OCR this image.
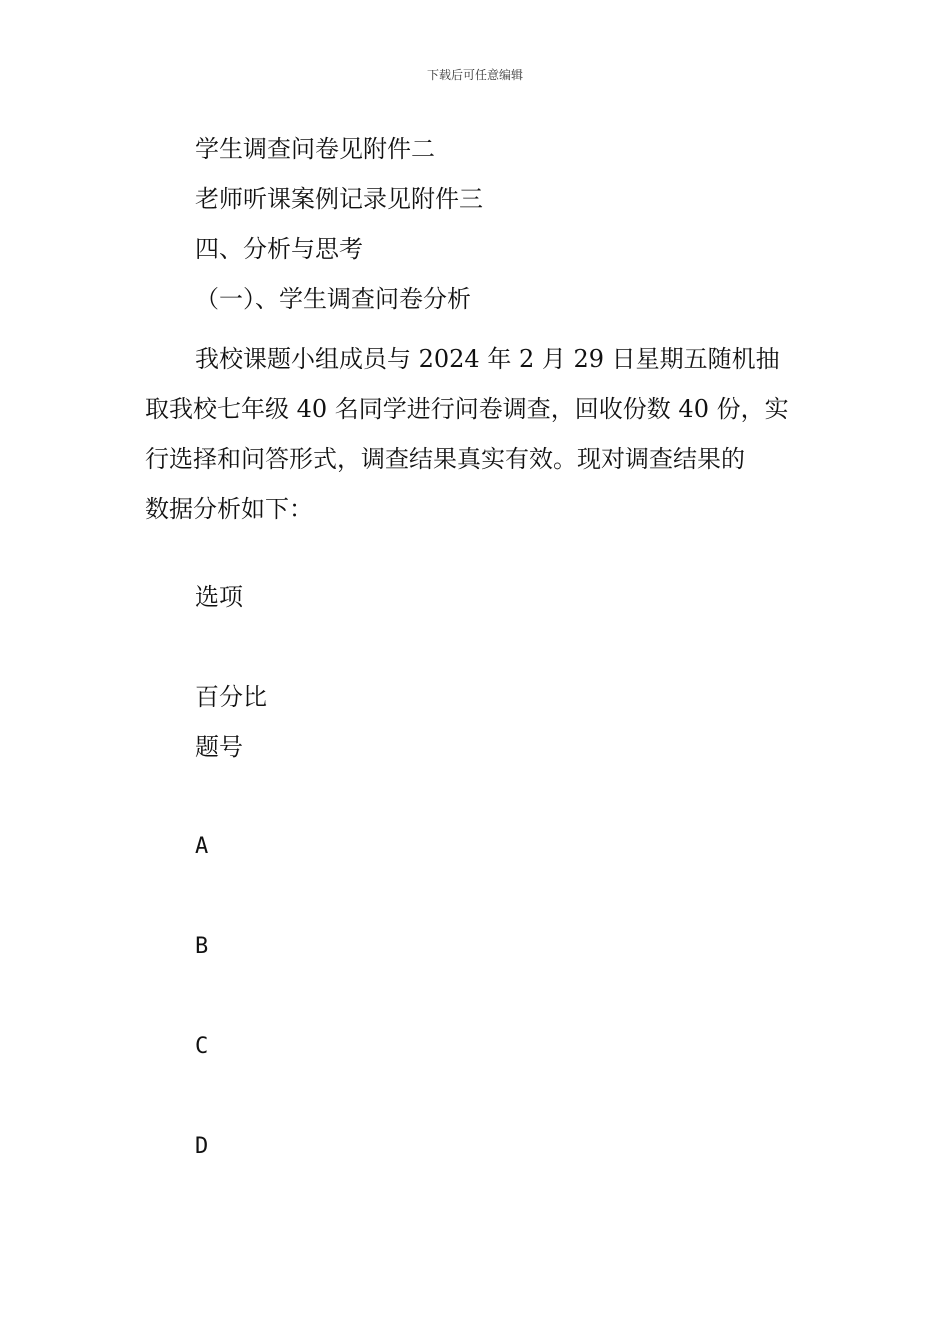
下载后可任意编辑
学生调查问卷见附件二
老师听课案例记录见附件三
四、分析与思考
（一）、学生调查问卷分析
我校课题小组成员与 2024 年 2 月 29 日星期五随机抽
取我校七年级 40 名同学进行问卷调查，回收份数 40 份，实
行选择和问答形式，调查结果真实有效。现对调查结果的
数据分析如下：
选项
百分比
题号
A
B
C
D
